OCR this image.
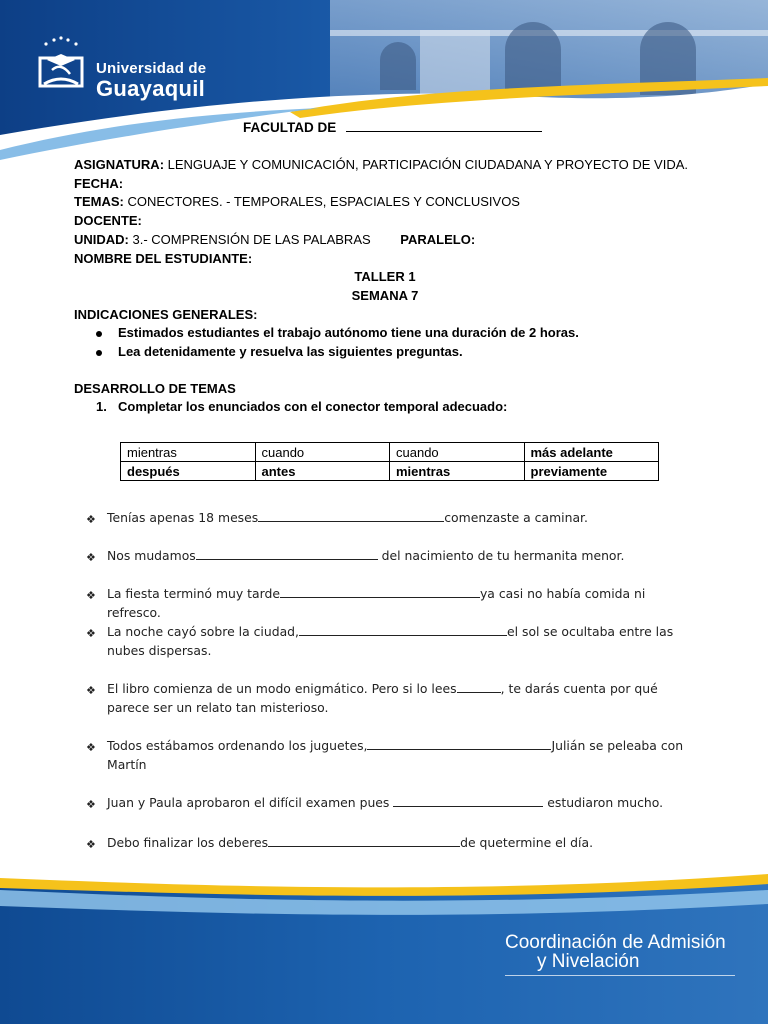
Universidad de
Guayaquil
FACULTAD DE
ASIGNATURA: LENGUAJE Y COMUNICACIÓN, PARTICIPACIÓN CIUDADANA Y PROYECTO DE VIDA.
FECHA:
TEMAS: CONECTORES. - TEMPORALES, ESPACIALES Y CONCLUSIVOS
DOCENTE:
UNIDAD: 3.- COMPRENSIÓN DE LAS PALABRAS PARALELO:
NOMBRE DEL ESTUDIANTE:
TALLER 1
SEMANA 7
INDICACIONES GENERALES:
Estimados estudiantes el trabajo autónomo tiene una duración de 2 horas.
Lea detenidamente y resuelva las siguientes preguntas.
DESARROLLO DE TEMAS
1. Completar los enunciados con el conector temporal adecuado:
mientras	cuando	cuando	más adelante
después	antes	mientras	previamente
❖ Tenías apenas 18 meses	comenzaste a caminar.
❖ Nos mudamos	del nacimiento de tu hermanita menor.
❖ La fiesta terminó muy tarde	ya casi no había comida ni refresco.
❖ La noche cayó sobre la ciudad,	el sol se ocultaba entre las
nubes dispersas.
❖ El libro comienza de un modo enigmático. Pero si lo lees	, te darás cuenta por qué
parece ser un relato tan misterioso.
❖ Todos estábamos ordenando los juguetes,	Julián se peleaba con
Martín
❖ Juan y Paula aprobaron el difícil examen pues	estudiaron mucho.
❖ Debo finalizar los deberes	de quetermine el día.
Coordinación de Admisión
y Nivelación
